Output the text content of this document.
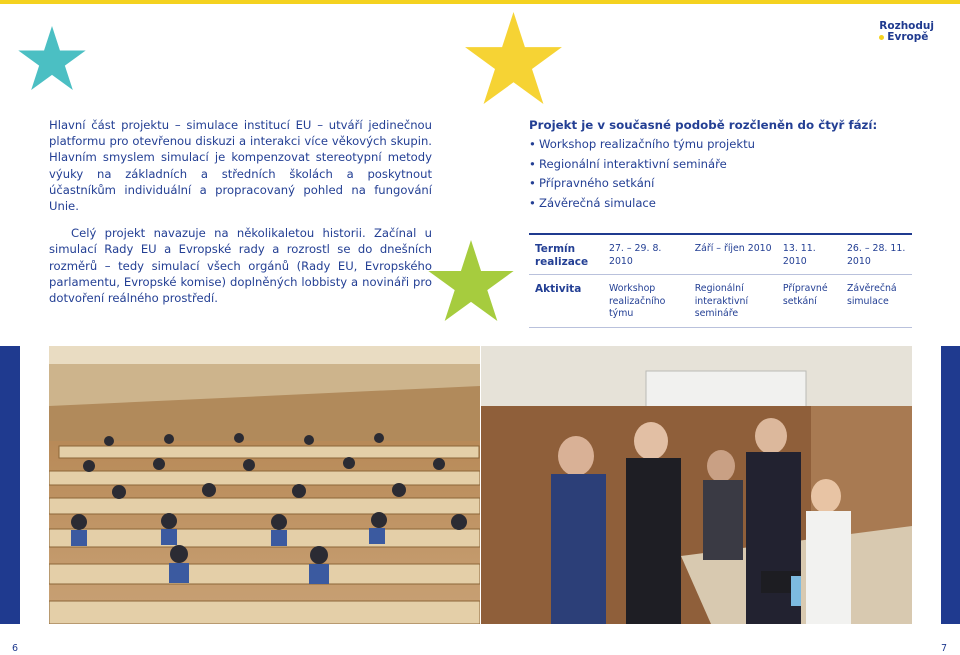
Rozhoduj
Evropě

Hlavní část projektu – simulace institucí EU – utváří jedinečnou platformu pro otevřenou diskuzi a interakci více věkových skupin. Hlavním smyslem simulací je kompenzovat stereotypní metody výuky na základních a středních školách a poskytnout účastníkům individuální a propracovaný pohled na fungování Unie.

Celý projekt navazuje na několikaletou historii. Začínal u simulací Rady EU a Evropské rady a rozrostl se do dnešních rozměrů – tedy simulací všech orgánů (Rady EU, Evropského parlamentu, Evropské komise) doplněných lobbisty a novináři pro dotvoření reálného prostředí.

Projekt je v současné podobě rozčleněn do čtyř fází:

• Workshop realizačního týmu projektu
• Regionální interaktivní semináře
• Přípravného setkání
• Závěrečná simulace
Termín realizace	27. – 29. 8. 2010	Září – říjen 2010	13. 11. 2010	26. – 28. 11. 2010
Aktivita	Workshop realizačního týmu	Regionální interaktivní semináře	Přípravné setkání	Závěrečná simulace
6	7
